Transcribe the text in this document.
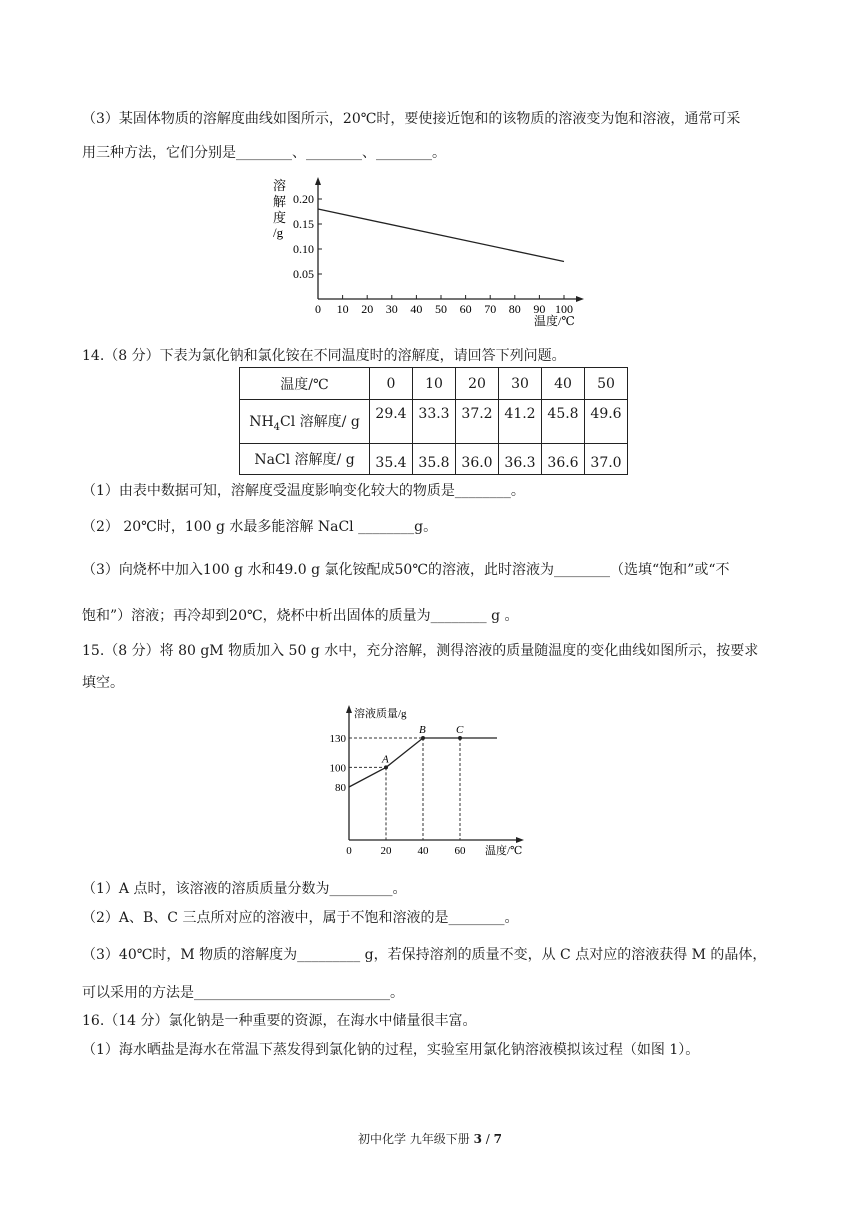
（3）某固体物质的溶解度曲线如图所示，20℃时，要使接近饱和的该物质的溶液变为饱和溶液，通常可采
用三种方法，它们分别是________、________、________。
溶
解
度
/g
0.05
0.10
0.15
0.20
0 10 20 30 40 50 60 70 80 90 100
温度/℃
14.（8 分）下表为氯化钠和氯化铵在不同温度时的溶解度，请回答下列问题。
温度/℃	0	10	20	30	40	50
$NH_4Cl$ 溶解度/ g	29.4	33.3	37.2	41.2	45.8	49.6
NaCl 溶解度/ g	35.4	35.8	36.0	36.3	36.6	37.0
（1）由表中数据可知，溶解度受温度影响变化较大的物质是________。
（2） 20℃时，100 g 水最多能溶解 NaCl ________g。
（3）向烧杯中加入100 g 水和49.0 g 氯化铵配成50℃的溶液，此时溶液为________（选填“饱和”或“不
饱和”）溶液；再冷却到20℃，烧杯中析出固体的质量为________ g 。
15.（8 分）将 80 gM 物质加入 50 g 水中，充分溶解，测得溶液的质量随温度的变化曲线如图所示，按要求
填空。
溶液质量/g
A
B	C
80
100
130
0	20 40 60 温度/℃
（1）A 点时，该溶液的溶质质量分数为_________。
（2）A、B、C 三点所对应的溶液中，属于不饱和溶液的是________。
（3）40℃时，M 物质的溶解度为_________ g，若保持溶剂的质量不变，从 C 点对应的溶液获得 M 的晶体，
可以采用的方法是____________________________。
16.（14 分）氯化钠是一种重要的资源，在海水中储量很丰富。
（1）海水晒盐是海水在常温下蒸发得到氯化钠的过程，实验室用氯化钠溶液模拟该过程（如图 1）。
初中化学 九年级下册 3 / 7
